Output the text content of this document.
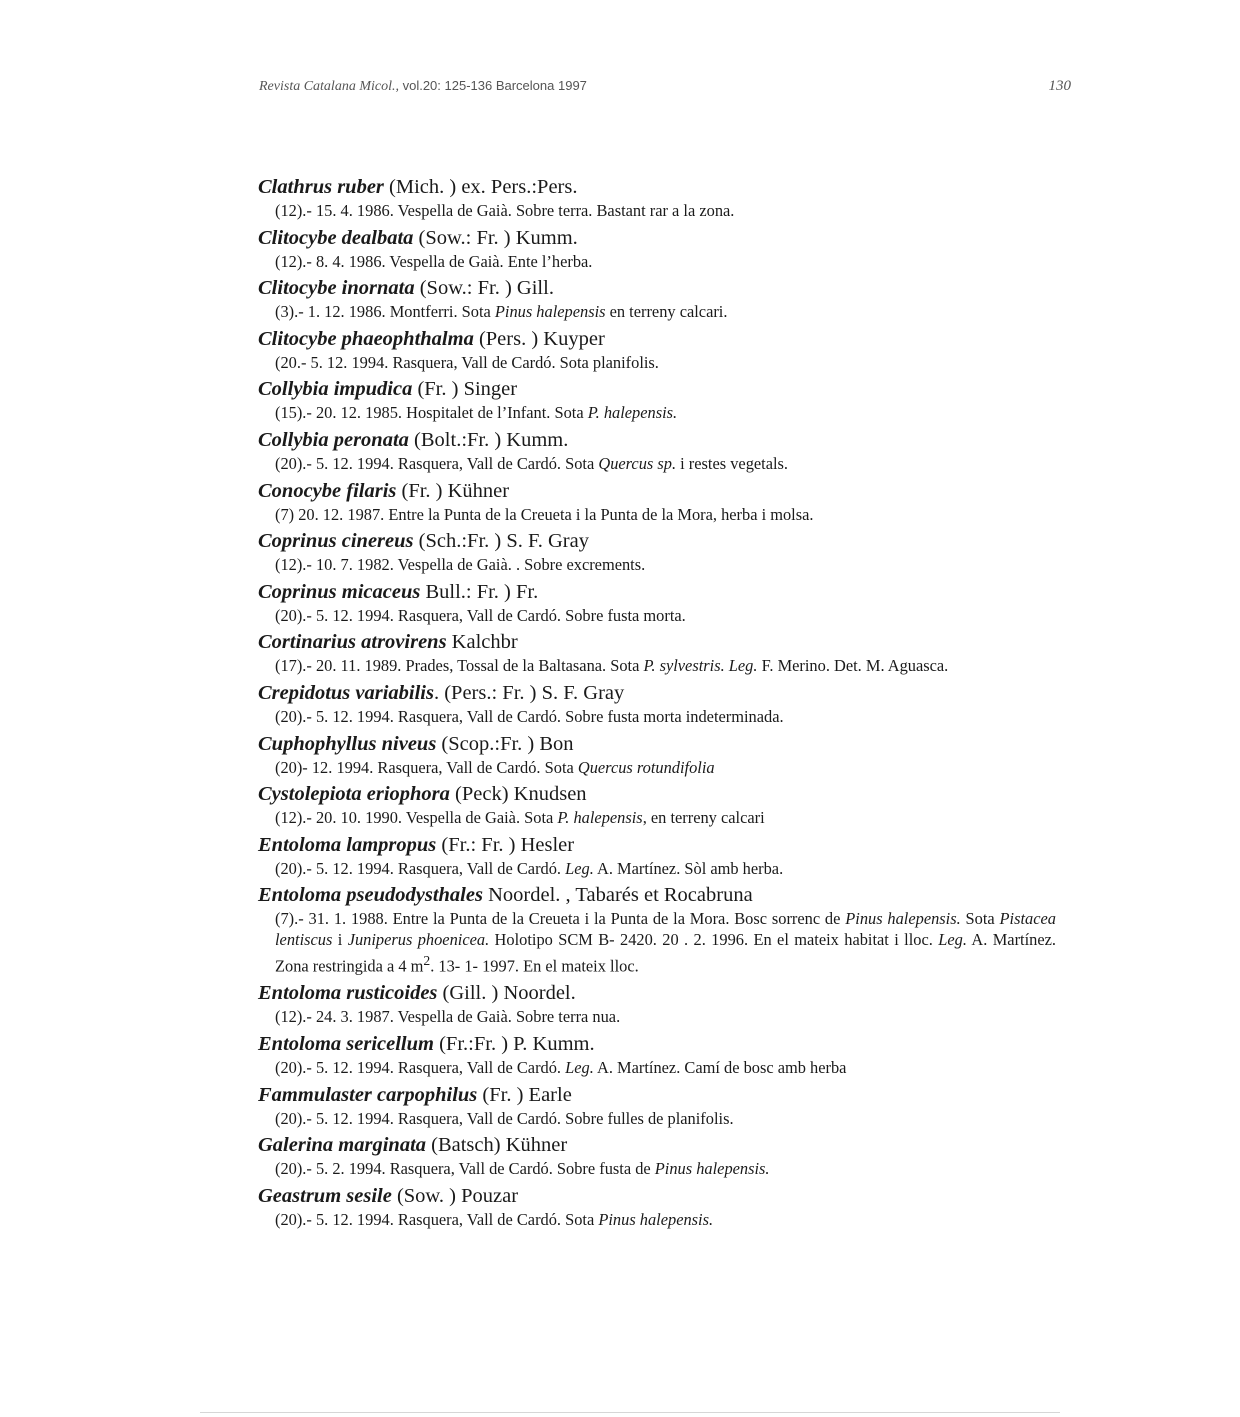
Revista Catalana Micol., vol.20: 125-136 Barcelona 1997	130
Clathrus ruber (Mich. ) ex. Pers.:Pers.
(12).- 15. 4. 1986. Vespella de Gaià. Sobre terra. Bastant rar a la zona.
Clitocybe dealbata (Sow.: Fr. ) Kumm.
(12).- 8. 4. 1986. Vespella de Gaià. Ente l’herba.
Clitocybe inornata (Sow.: Fr. ) Gill.
(3).- 1. 12. 1986. Montferri. Sota Pinus halepensis en terreny calcari.
Clitocybe phaeophthalma (Pers. ) Kuyper
(20.- 5. 12. 1994. Rasquera, Vall de Cardó. Sota planifolis.
Collybia impudica (Fr. ) Singer
(15).- 20. 12. 1985. Hospitalet de l’Infant. Sota P. halepensis.
Collybia peronata (Bolt.:Fr. ) Kumm.
(20).- 5. 12. 1994. Rasquera, Vall de Cardó. Sota Quercus sp. i restes vegetals.
Conocybe filaris (Fr. ) Kühner
(7) 20. 12. 1987. Entre la Punta de la Creueta i la Punta de la Mora, herba i molsa.
Coprinus cinereus (Sch.:Fr. ) S. F. Gray
(12).- 10. 7. 1982. Vespella de Gaià. . Sobre excrements.
Coprinus micaceus Bull.: Fr. ) Fr.
(20).- 5. 12. 1994. Rasquera, Vall de Cardó. Sobre fusta morta.
Cortinarius atrovirens Kalchbr
(17).- 20. 11. 1989. Prades, Tossal de la Baltasana. Sota P. sylvestris. Leg. F. Merino. Det. M. Aguasca.
Crepidotus variabilis. (Pers.: Fr. ) S. F. Gray
(20).- 5. 12. 1994. Rasquera, Vall de Cardó. Sobre fusta morta indeterminada.
Cuphophyllus niveus (Scop.:Fr. ) Bon
(20)- 12. 1994. Rasquera, Vall de Cardó. Sota Quercus rotundifolia
Cystolepiota eriophora (Peck) Knudsen
(12).- 20. 10. 1990. Vespella de Gaià. Sota P. halepensis, en terreny calcari
Entoloma lampropus (Fr.: Fr. ) Hesler
(20).- 5. 12. 1994. Rasquera, Vall de Cardó. Leg. A. Martínez. Sòl amb herba.
Entoloma pseudodysthales Noordel. , Tabarés et Rocabruna
(7).- 31. 1. 1988. Entre la Punta de la Creueta i la Punta de la Mora. Bosc sorrenc de Pinus halepensis. Sota Pistacea lentiscus i Juniperus phoenicea. Holotipo SCM B- 2420. 20 . 2. 1996. En el mateix habitat i lloc. Leg. A. Martínez. Zona restringida a 4 $m^2$. 13- 1- 1997. En el mateix lloc.
Entoloma rusticoides (Gill. ) Noordel.
(12).- 24. 3. 1987. Vespella de Gaià. Sobre terra nua.
Entoloma sericellum (Fr.:Fr. ) P. Kumm.
(20).- 5. 12. 1994. Rasquera, Vall de Cardó. Leg. A. Martínez. Camí de bosc amb herba
Fammulaster carpophilus (Fr. ) Earle
(20).- 5. 12. 1994. Rasquera, Vall de Cardó. Sobre fulles de planifolis.
Galerina marginata (Batsch) Kühner
(20).- 5. 2. 1994. Rasquera, Vall de Cardó. Sobre fusta de Pinus halepensis.
Geastrum sesile (Sow. ) Pouzar
(20).- 5. 12. 1994. Rasquera, Vall de Cardó. Sota Pinus halepensis.
